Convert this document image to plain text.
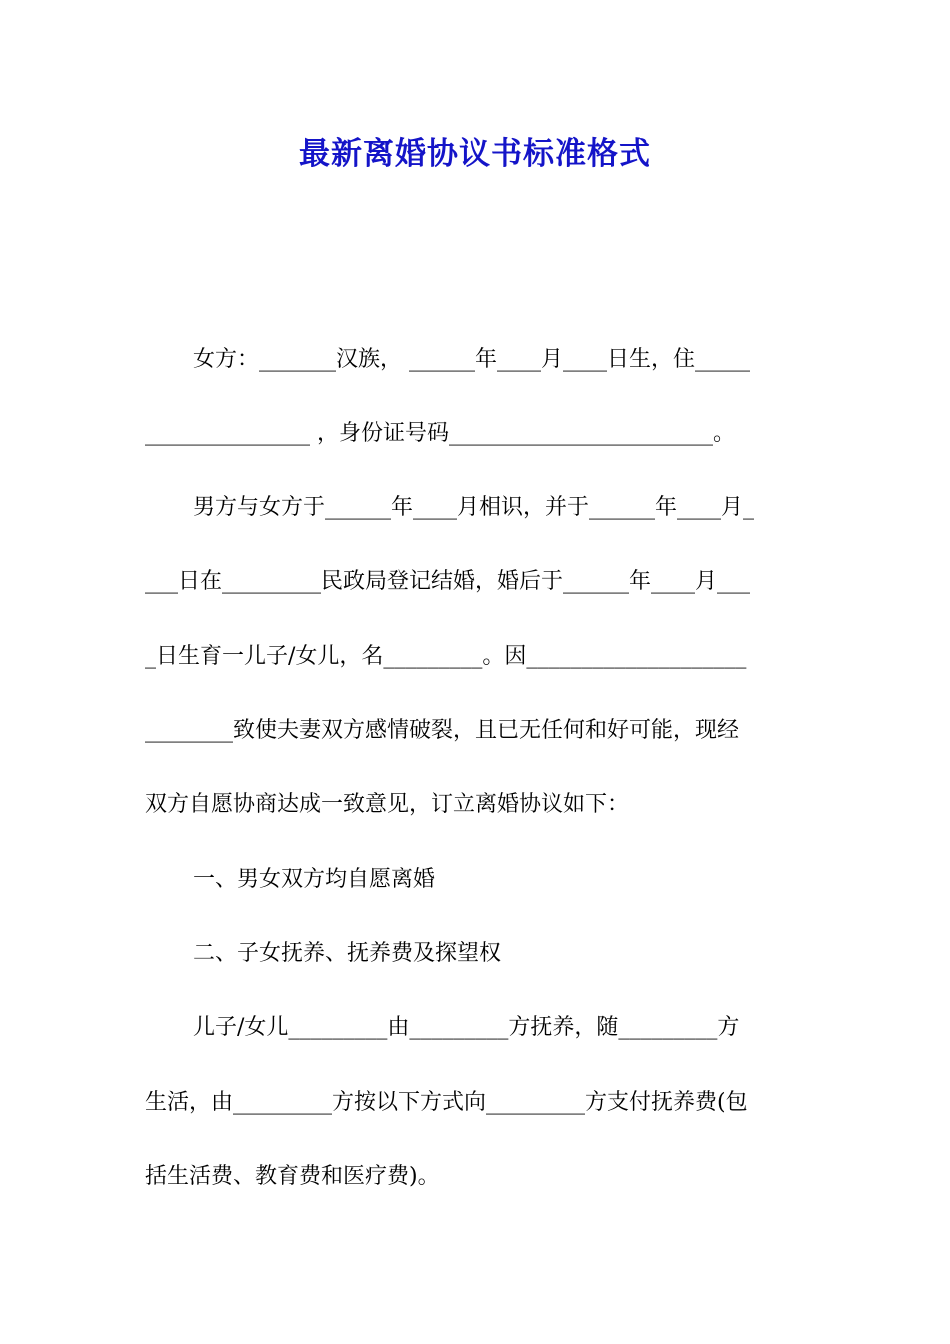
最新离婚协议书标准格式
女方：_______汉族， ______年____月____日生，住_____
_______________ ，身份证号码________________________。
男方与女方于______年____月相识，并于______年____月_
___日在_________民政局登记结婚，婚后于______年____月___
_日生育一儿子/女儿，名_________。因____________________
________致使夫妻双方感情破裂，且已无任何和好可能，现经
双方自愿协商达成一致意见，订立离婚协议如下：
一、男女双方均自愿离婚
二、子女抚养、抚养费及探望权
儿子/女儿_________由_________方抚养，随_________方
生活，由_________方按以下方式向_________方支付抚养费(包
括生活费、教育费和医疗费)。
